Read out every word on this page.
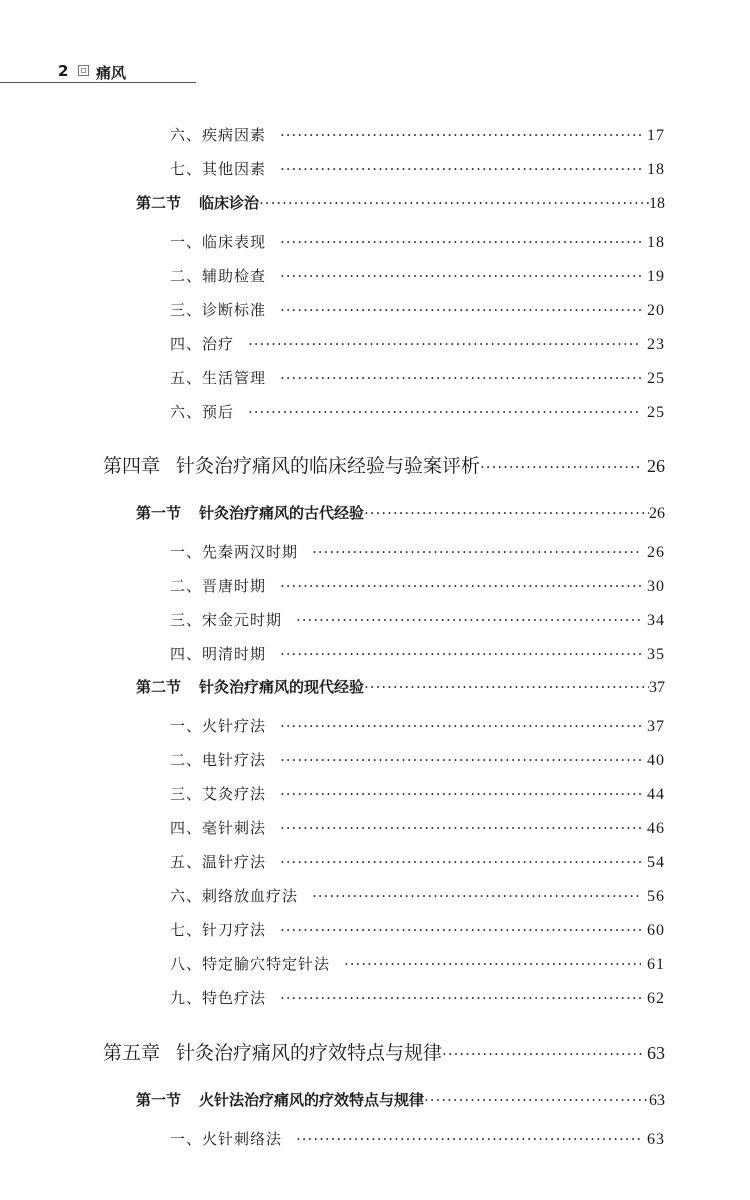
2 痛风
六、疾病因素 ·····	17
七、其他因素 ·····	18
第二节 临床诊治 ·····	18
一、临床表现 ·····	18
二、辅助检查 ·····	19
三、诊断标准 ·····	20
四、治疗 ·····	23
五、生活管理 ·····	25
六、预后 ·····	25
第四章 针灸治疗痛风的临床经验与验案评析 ·····	26
第一节 针灸治疗痛风的古代经验 ·····	26
一、先秦两汉时期 ·····	26
二、晋唐时期 ·····	30
三、宋金元时期 ·····	34
四、明清时期 ·····	35
第二节 针灸治疗痛风的现代经验 ·····	37
一、火针疗法 ·····	37
二、电针疗法 ·····	40
三、艾灸疗法 ·····	44
四、毫针刺法 ·····	46
五、温针疗法 ·····	54
六、刺络放血疗法 ·····	56
七、针刀疗法 ·····	60
八、特定腧穴特定针法 ·····	61
九、特色疗法 ·····	62
第五章 针灸治疗痛风的疗效特点与规律 ·····	63
第一节 火针法治疗痛风的疗效特点与规律 ·····	63
一、火针刺络法 ·····	63
